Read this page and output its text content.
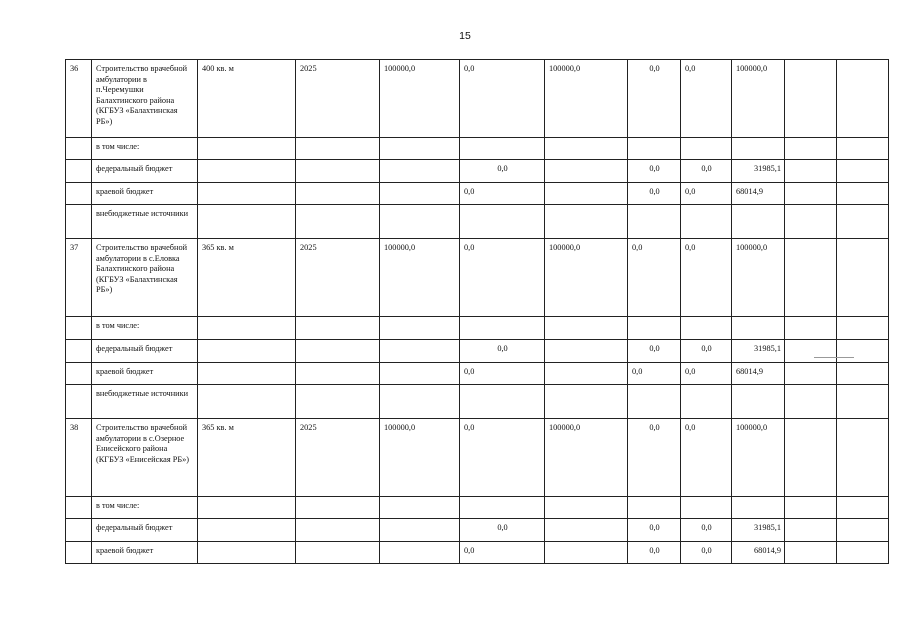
15
36	Строительство врачебной амбулатории в п.Черемушки Балахтинского района (КГБУЗ «Балахтинская РБ»)	400 кв. м	2025	100000,0	0,0	100000,0	0,0	0,0	100000,0		
	в том числе:										
	федеральный бюджет				0,0		0,0	0,0	31985,1		
	краевой бюджет				0,0		0,0	0,0	68014,9		
	внебюджетные источники										
37	Строительство врачебной амбулатории в с.Еловка Балахтинского района (КГБУЗ «Балахтинская РБ»)	365 кв. м	2025	100000,0	0,0	100000,0	0,0	0,0	100000,0		
	в том числе:										
	федеральный бюджет				0,0		0,0	0,0	31985,1		
	краевой бюджет				0,0		0,0	0,0	68014,9		
	внебюджетные источники										
38	Строительство врачебной амбулатории в с.Озерное Енисейского района (КГБУЗ «Енисейская РБ»)	365 кв. м	2025	100000,0	0,0	100000,0	0,0	0,0	100000,0		
	в том числе:										
	федеральный бюджет				0,0		0,0	0,0	31985,1		
	краевой бюджет				0,0		0,0	0,0	68014,9		
